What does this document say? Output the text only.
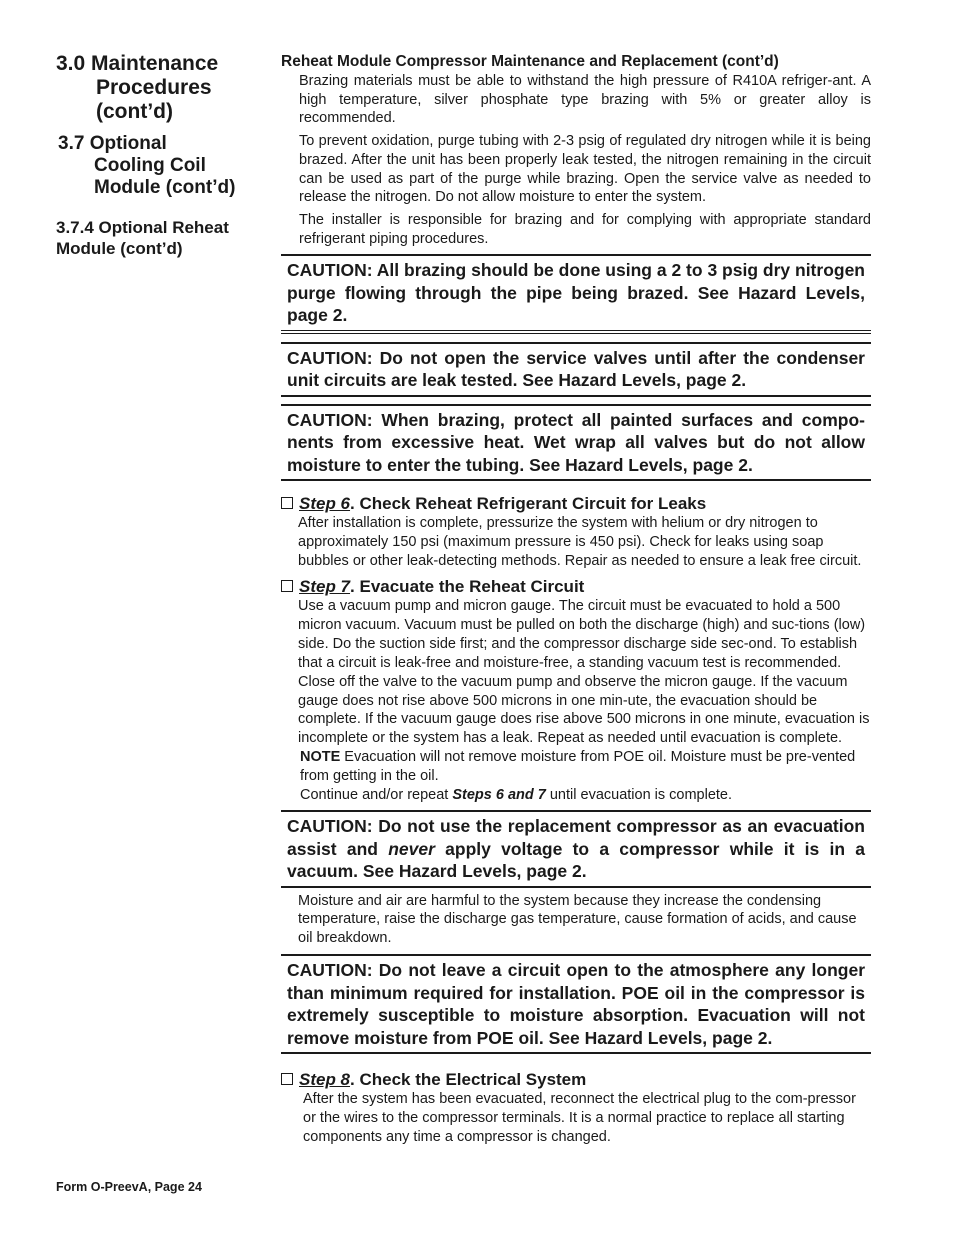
3.0 Maintenance
Procedures
(cont’d)
3.7 Optional
Cooling Coil
Module (cont’d)
3.7.4 Optional Reheat
Module (cont’d)
Reheat Module Compressor Maintenance and Replacement (cont’d)

Brazing materials must be able to withstand the high pressure of R410A refriger-ant. A high temperature, silver phosphate type brazing with 5% or greater alloy is recommended.

To prevent oxidation, purge tubing with 2-3 psig of regulated dry nitrogen while it is being brazed. After the unit has been properly leak tested, the nitrogen remaining in the circuit can be used as part of the purge while brazing. Open the service valve as needed to release the nitrogen. Do not allow moisture to enter the system.

The installer is responsible for brazing and for complying with appropriate standard refrigerant piping procedures.

CAUTION: All brazing should be done using a 2 to 3 psig dry nitrogen purge flowing through the pipe being brazed. See Hazard Levels, page 2.
CAUTION: Do not open the service valves until after the condenser unit circuits are leak tested. See Hazard Levels, page 2.
CAUTION: When brazing, protect all painted surfaces and compo-nents from excessive heat. Wet wrap all valves but do not allow moisture to enter the tubing. See Hazard Levels, page 2.
Step 6. Check Reheat Refrigerant Circuit for Leaks

After installation is complete, pressurize the system with helium or dry nitrogen to approximately 150 psi (maximum pressure is 450 psi). Check for leaks using soap bubbles or other leak-detecting methods. Repair as needed to ensure a leak free circuit.

Step 7. Evacuate the Reheat Circuit

Use a vacuum pump and micron gauge. The circuit must be evacuated to hold a 500 micron vacuum. Vacuum must be pulled on both the discharge (high) and suc-tions (low) side. Do the suction side first; and the compressor discharge side sec-ond. To establish that a circuit is leak-free and moisture-free, a standing vacuum test is recommended. Close off the valve to the vacuum pump and observe the micron gauge. If the vacuum gauge does not rise above 500 microns in one min-ute, the evacuation should be complete. If the vacuum gauge does rise above 500 microns in one minute, evacuation is incomplete or the system has a leak. Repeat as needed until evacuation is complete.

NOTE Evacuation will not remove moisture from POE oil. Moisture must be pre-vented from getting in the oil.

Continue and/or repeat Steps 6 and 7 until evacuation is complete.

CAUTION: Do not use the replacement compressor as an evacuation assist and never apply voltage to a compressor while it is in a vacuum. See Hazard Levels, page 2.

Moisture and air are harmful to the system because they increase the condensing temperature, raise the discharge gas temperature, cause formation of acids, and cause oil breakdown.

CAUTION: Do not leave a circuit open to the atmosphere any longer than minimum required for installation. POE oil in the compressor is extremely susceptible to moisture absorption. Evacuation will not remove moisture from POE oil. See Hazard Levels, page 2.
Step 8. Check the Electrical System

After the system has been evacuated, reconnect the electrical plug to the com-pressor or the wires to the compressor terminals. It is a normal practice to replace all starting components any time a compressor is changed.

Form O-PreevA, Page 24
